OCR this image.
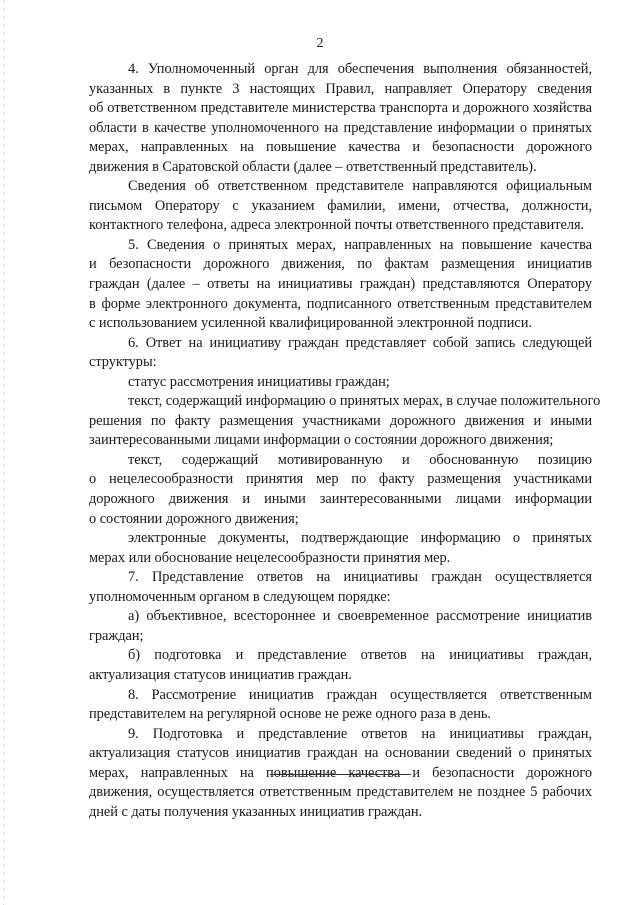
2
4. Уполномоченный орган для обеспечения выполнения обязанностей,
указанных в пункте 3 настоящих Правил, направляет Оператору сведения
об ответственном представителе министерства транспорта и дорожного хозяйства
области в качестве уполномоченного на представление информации о принятых
мерах, направленных на повышение качества и безопасности дорожного
движения в Саратовской области (далее – ответственный представитель).
Сведения об ответственном представителе направляются официальным
письмом Оператору с указанием фамилии, имени, отчества, должности,
контактного телефона, адреса электронной почты ответственного представителя.
5. Сведения о принятых мерах, направленных на повышение качества
и безопасности дорожного движения, по фактам размещения инициатив
граждан (далее – ответы на инициативы граждан) представляются Оператору
в форме электронного документа, подписанного ответственным представителем
с использованием усиленной квалифицированной электронной подписи.
6. Ответ на инициативу граждан представляет собой запись следующей
структуры:
статус рассмотрения инициативы граждан;
текст, содержащий информацию о принятых мерах, в случае положительного
решения по факту размещения участниками дорожного движения и иными
заинтересованными лицами информации о состоянии дорожного движения;
текст, содержащий мотивированную и обоснованную позицию
о нецелесообразности принятия мер по факту размещения участниками
дорожного движения и иными заинтересованными лицами информации
о состоянии дорожного движения;
электронные документы, подтверждающие информацию о принятых
мерах или обоснование нецелесообразности принятия мер.
7. Представление ответов на инициативы граждан осуществляется
уполномоченным органом в следующем порядке:
а) объективное, всестороннее и своевременное рассмотрение инициатив
граждан;
б) подготовка и представление ответов на инициативы граждан,
актуализация статусов инициатив граждан.
8. Рассмотрение инициатив граждан осуществляется ответственным
представителем на регулярной основе не реже одного раза в день.
9. Подготовка и представление ответов на инициативы граждан,
актуализация статусов инициатив граждан на основании сведений о принятых
мерах, направленных на повышение качества и безопасности дорожного
движения, осуществляется ответственным представителем не позднее 5 рабочих
дней с даты получения указанных инициатив граждан.
